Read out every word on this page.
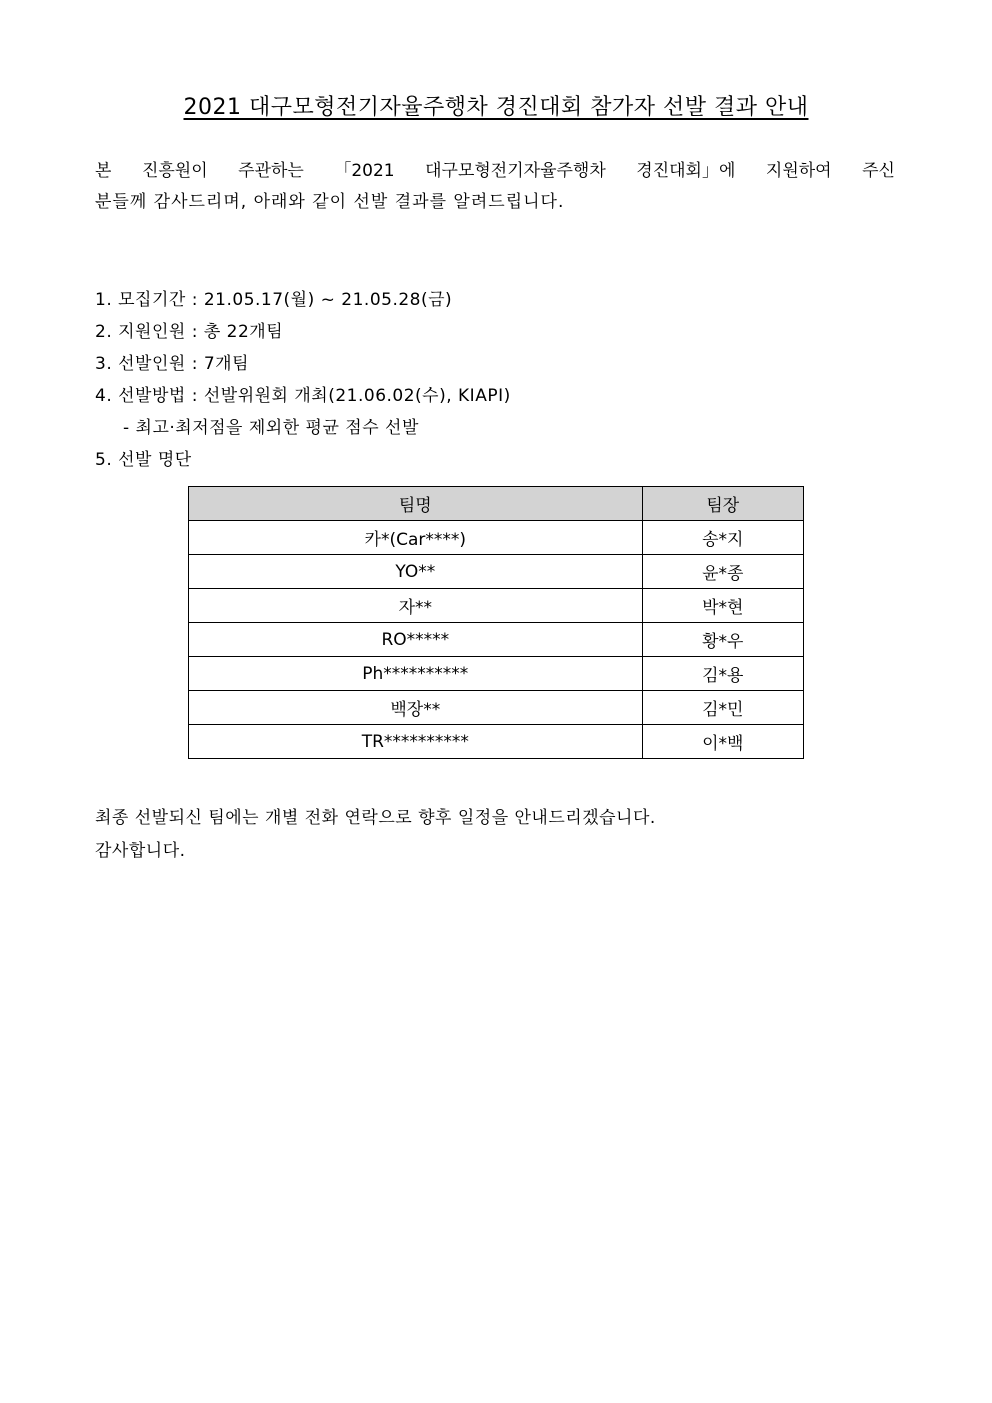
2021 대구모형전기자율주행차 경진대회 참가자 선발 결과 안내
본 진흥원이 주관하는 「2021 대구모형전기자율주행차 경진대회」에 지원하여 주신
분들께 감사드리며, 아래와 같이 선발 결과를 알려드립니다.
1. 모집기간 : 21.05.17(월) ~ 21.05.28(금)
2. 지원인원 : 총 22개팀
3. 선발인원 : 7개팀
4. 선발방법 : 선발위원회 개최(21.06.02(수), KIAPI)
- 최고·최저점을 제외한 평균 점수 선발
5. 선발 명단
팀명	팀장
카*(Car****)	송*지
YO**	윤*종
자**	박*현
RO*****	황*우
Ph**********	김*용
백장**	김*민
TR**********	이*백
최종 선발되신 팀에는 개별 전화 연락으로 향후 일정을 안내드리겠습니다.
감사합니다.
